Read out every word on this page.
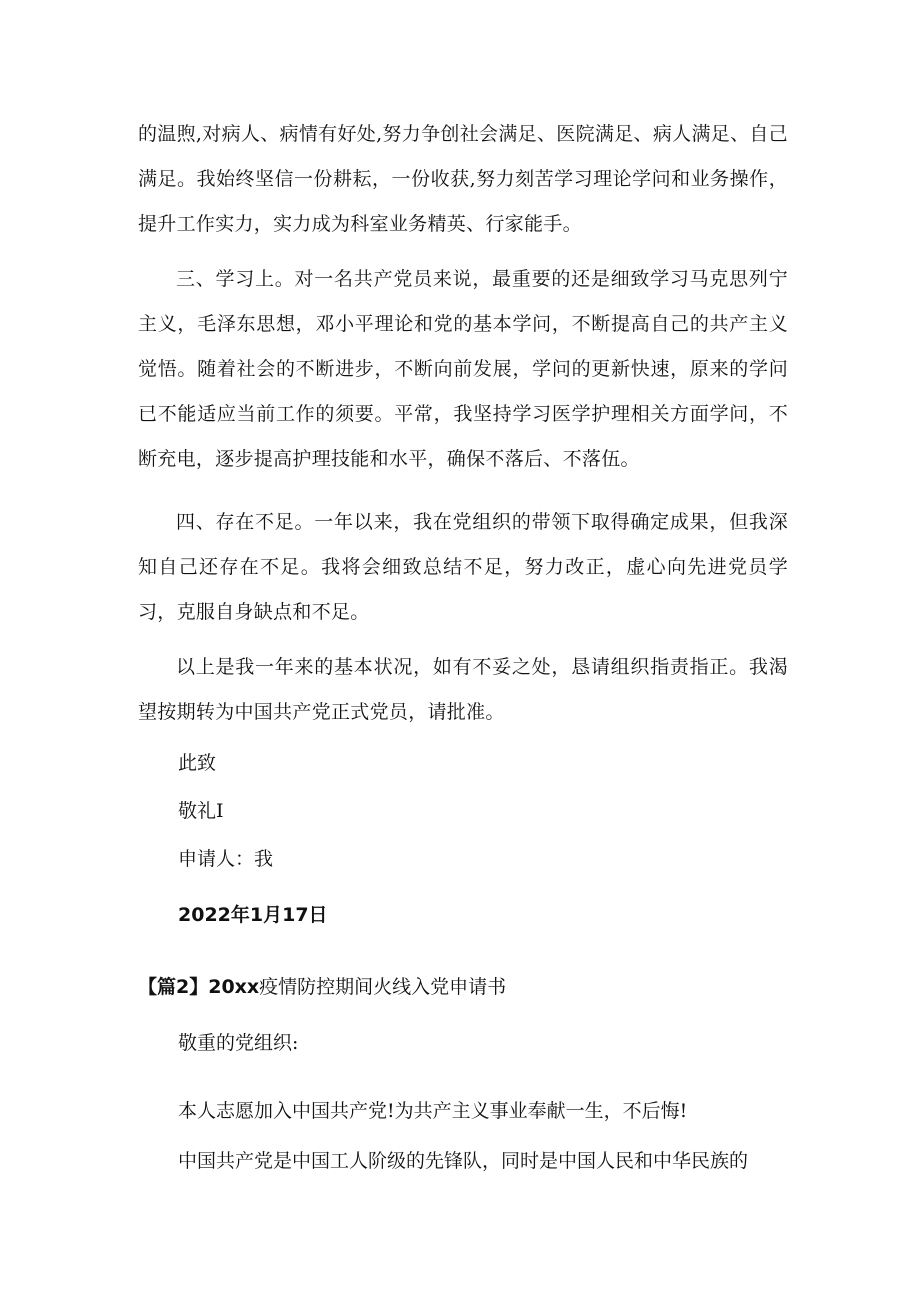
的温煦,对病人、病情有好处,努力争创社会满足、医院满足、病人满足、自己满足。我始终坚信一份耕耘，一份收获,努力刻苦学习理论学问和业务操作，提升工作实力，实力成为科室业务精英、行家能手。

三、学习上。对一名共产党员来说，最重要的还是细致学习马克思列宁主义，毛泽东思想，邓小平理论和党的基本学问，不断提高自己的共产主义觉悟。随着社会的不断进步，不断向前发展，学问的更新快速，原来的学问已不能适应当前工作的须要。平常，我坚持学习医学护理相关方面学问，不断充电，逐步提高护理技能和水平，确保不落后、不落伍。

四、存在不足。一年以来，我在党组织的带领下取得确定成果，但我深知自己还存在不足。我将会细致总结不足，努力改正，虚心向先进党员学习，克服自身缺点和不足。

以上是我一年来的基本状况，如有不妥之处，恳请组织指责指正。我渴望按期转为中国共产党正式党员，请批准。

此致

敬礼I

申请人：我

2022年1月17日

【篇2】20xx疫情防控期间火线入党申请书

敬重的党组织:

本人志愿加入中国共产党!为共产主义事业奉献一生，不后悔!

中国共产党是中国工人阶级的先锋队，同时是中国人民和中华民族的
